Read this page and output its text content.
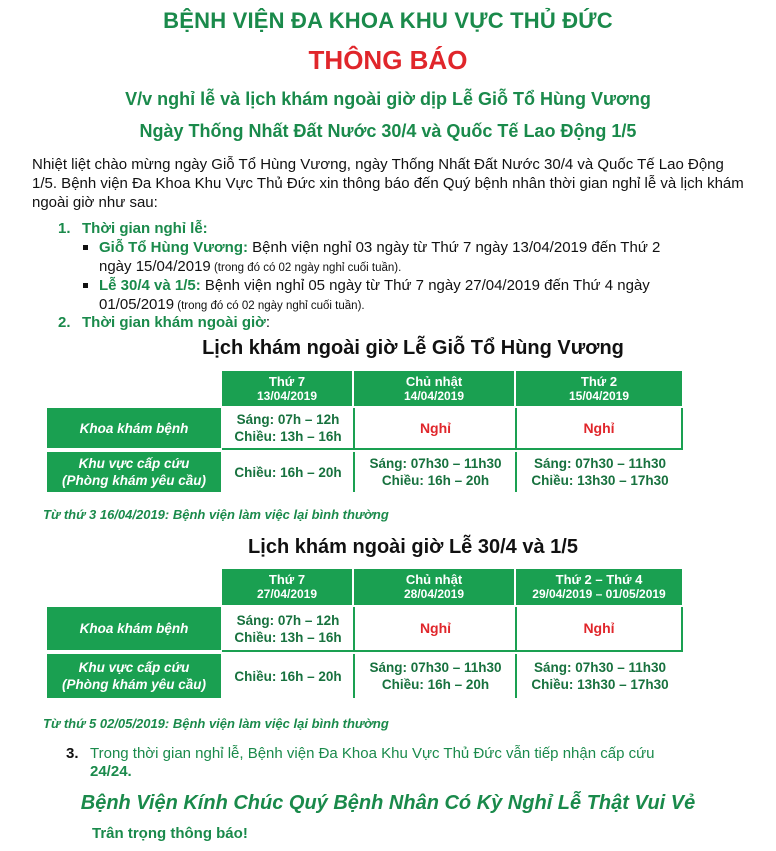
BỆNH VIỆN ĐA KHOA KHU VỰC THỦ ĐỨC
THÔNG BÁO
V/v nghỉ lễ và lịch khám ngoài giờ dịp Lễ Giỗ Tổ Hùng Vương
Ngày Thống Nhất Đất Nước 30/4 và Quốc Tế Lao Động 1/5
Nhiệt liệt chào mừng ngày Giỗ Tổ Hùng Vương, ngày Thống Nhất Đất Nước 30/4 và Quốc Tế Lao Động 1/5. Bệnh viện Đa Khoa Khu Vực Thủ Đức xin thông báo đến Quý bệnh nhân thời gian nghỉ lễ và lịch khám ngoài giờ như sau:
1. Thời gian nghỉ lễ:
Giỗ Tổ Hùng Vương: Bệnh viện nghỉ 03 ngày từ Thứ 7 ngày 13/04/2019 đến Thứ 2
ngày 15/04/2019 (trong đó có 02 ngày nghỉ cuối tuần).
Lễ 30/4 và 1/5: Bệnh viện nghỉ 05 ngày từ Thứ 7 ngày 27/04/2019 đến Thứ 4 ngày
01/05/2019 (trong đó có 02 ngày nghỉ cuối tuần).
2. Thời gian khám ngoài giờ:
Lịch khám ngoài giờ Lễ Giỗ Tổ Hùng Vương
Thứ 7
13/04/2019
Chủ nhật
14/04/2019
Thứ 2
15/04/2019
Khoa khám bệnh
Sáng: 07h – 12h
Chiều: 13h – 16h
Nghỉ	Nghỉ
Khu vực cấp cứu
(Phòng khám yêu cầu)
Chiều: 16h – 20h
Sáng: 07h30 – 11h30
Chiều: 16h – 20h
Sáng: 07h30 – 11h30
Chiều: 13h30 – 17h30
Từ thứ 3 16/04/2019: Bệnh viện làm việc lại bình thường
Lịch khám ngoài giờ Lễ 30/4 và 1/5
Thứ 7
27/04/2019
Chủ nhật
28/04/2019
Thứ 2 – Thứ 4
29/04/2019 – 01/05/2019
Khoa khám bệnh
Sáng: 07h – 12h
Chiều: 13h – 16h
Nghỉ	Nghỉ
Khu vực cấp cứu
(Phòng khám yêu cầu)
Chiều: 16h – 20h
Sáng: 07h30 – 11h30
Chiều: 16h – 20h
Sáng: 07h30 – 11h30
Chiều: 13h30 – 17h30
Từ thứ 5 02/05/2019: Bệnh viện làm việc lại bình thường
3. Trong thời gian nghỉ lễ, Bệnh viện Đa Khoa Khu Vực Thủ Đức vẫn tiếp nhận cấp cứu
24/24.
Bệnh Viện Kính Chúc Quý Bệnh Nhân Có Kỳ Nghỉ Lễ Thật Vui Vẻ
Trân trọng thông báo!
